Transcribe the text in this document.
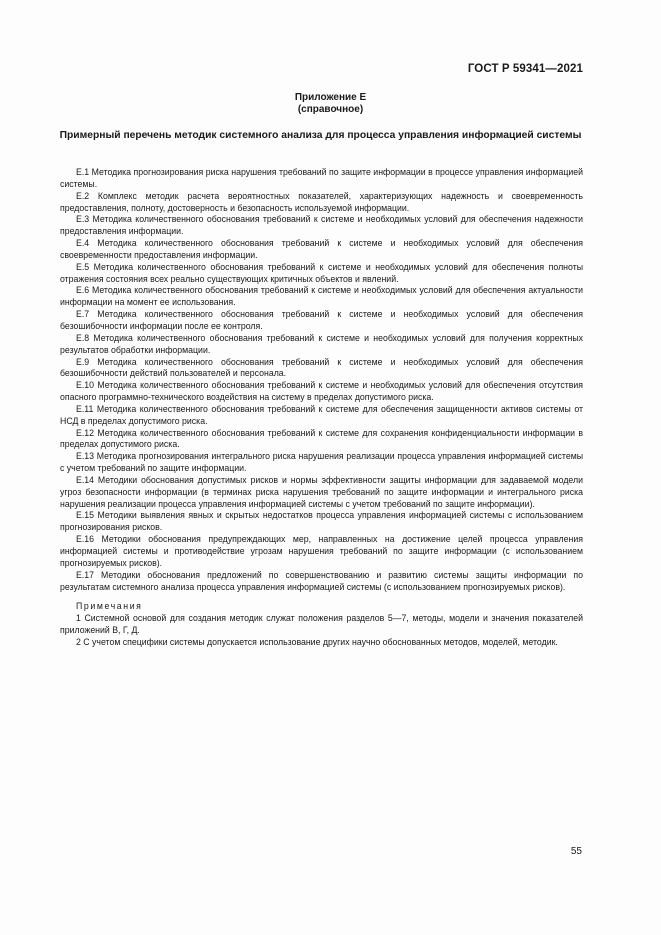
ГОСТ Р 59341—2021
Приложение Е
(справочное)
Примерный перечень методик системного анализа для процесса управления информацией системы

Е.1 Методика прогнозирования риска нарушения требований по защите информации в процессе управления информацией системы.

Е.2 Комплекс методик расчета вероятностных показателей, характеризующих надежность и своевременность предоставления, полноту, достоверность и безопасность используемой информации.

Е.3 Методика количественного обоснования требований к системе и необходимых условий для обеспечения надежности предоставления информации.

Е.4 Методика количественного обоснования требований к системе и необходимых условий для обеспечения своевременности предоставления информации.

Е.5 Методика количественного обоснования требований к системе и необходимых условий для обеспечения полноты отражения состояния всех реально существующих критичных объектов и явлений.

Е.6 Методика количественного обоснования требований к системе и необходимых условий для обеспечения актуальности информации на момент ее использования.

Е.7 Методика количественного обоснования требований к системе и необходимых условий для обеспечения безошибочности информации после ее контроля.

Е.8 Методика количественного обоснования требований к системе и необходимых условий для получения корректных результатов обработки информации.

Е.9 Методика количественного обоснования требований к системе и необходимых условий для обеспечения безошибочности действий пользователей и персонала.

Е.10 Методика количественного обоснования требований к системе и необходимых условий для обеспечения отсутствия опасного программно-технического воздействия на систему в пределах допустимого риска.

Е.11 Методика количественного обоснования требований к системе для обеспечения защищенности активов системы от НСД в пределах допустимого риска.

Е.12 Методика количественного обоснования требований к системе для сохранения конфиденциальности информации в пределах допустимого риска.

Е.13 Методика прогнозирования интегрального риска нарушения реализации процесса управления информацией системы с учетом требований по защите информации.

Е.14 Методики обоснования допустимых рисков и нормы эффективности защиты информации для задаваемой модели угроз безопасности информации (в терминах риска нарушения требований по защите информации и интегрального риска нарушения реализации процесса управления информацией системы с учетом требований по защите информации).

Е.15 Методики выявления явных и скрытых недостатков процесса управления информацией системы с использованием прогнозирования рисков.

Е.16 Методики обоснования предупреждающих мер, направленных на достижение целей процесса управления информацией системы и противодействие угрозам нарушения требований по защите информации (с использованием прогнозируемых рисков).

Е.17 Методики обоснования предложений по совершенствованию и развитию системы защиты информации по результатам системного анализа процесса управления информацией системы (с использованием прогнозируемых рисков).

Примечания

1 Системной основой для создания методик служат положения разделов 5—7, методы, модели и значения показателей приложений В, Г, Д.

2 С учетом специфики системы допускается использование других научно обоснованных методов, моделей, методик.

55
